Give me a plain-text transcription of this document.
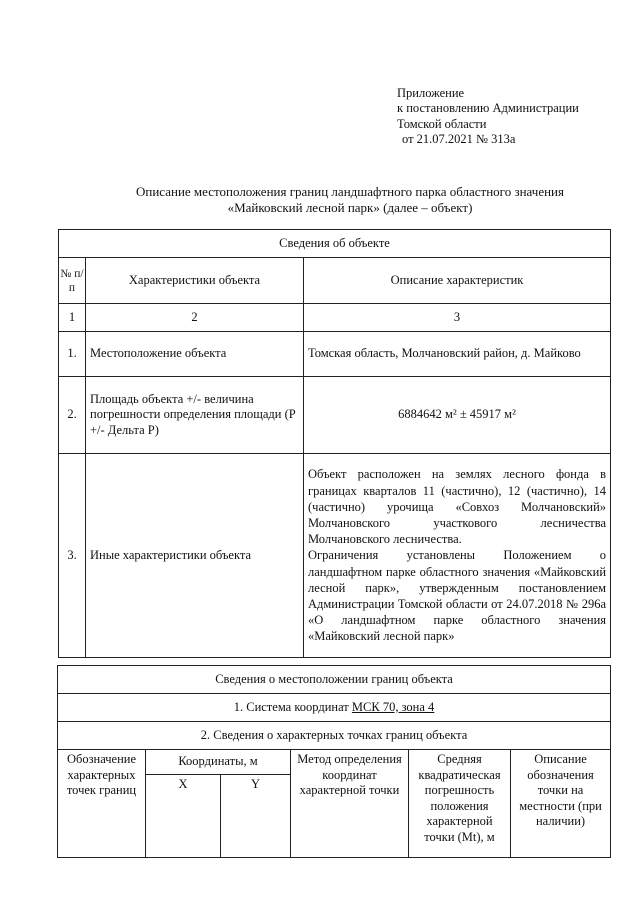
Приложение
к постановлению Администрации
Томской области
от 21.07.2021 № 313а
Описание местоположения границ ландшафтного парка областного значения
«Майковский лесной парк» (далее – объект)
Сведения об объекте		
№ п/п	Характеристики объекта	Описание характеристик
1	2	3
1.	Местоположение объекта	Томская область, Молчановский район, д. Майково
2.	Площадь объекта +/- величина погрешности определения площади (P +/- Дельта P)	6884642 м² ± 45917 м²
3.	Иные характеристики объекта	Объект расположен на землях лесного фонда в границах кварталов 11 (частично), 12 (частично), 14 (частично) урочища «Совхоз Молчановский» Молчановского участкового лесничества Молчановского лесничества.

Ограничения установлены Положением о ландшафтном парке областного значения «Майковский лесной парк», утвержденным постановлением Администрации Томской области от 24.07.2018 № 296а «О ландшафтном парке областного значения «Майковский лесной парк»

Сведения о местоположении границ объекта					
1. Система координат МСК 70, зона 4					
2. Сведения о характерных точках границ объекта					
Обозначение характерных точек границ	Координаты, м		Метод определения координат характерной точки	Средняя квадратическая погрешность положения характерной точки (Mt), м	Описание обозначения точки на местности (при наличии)
	X	Y			
